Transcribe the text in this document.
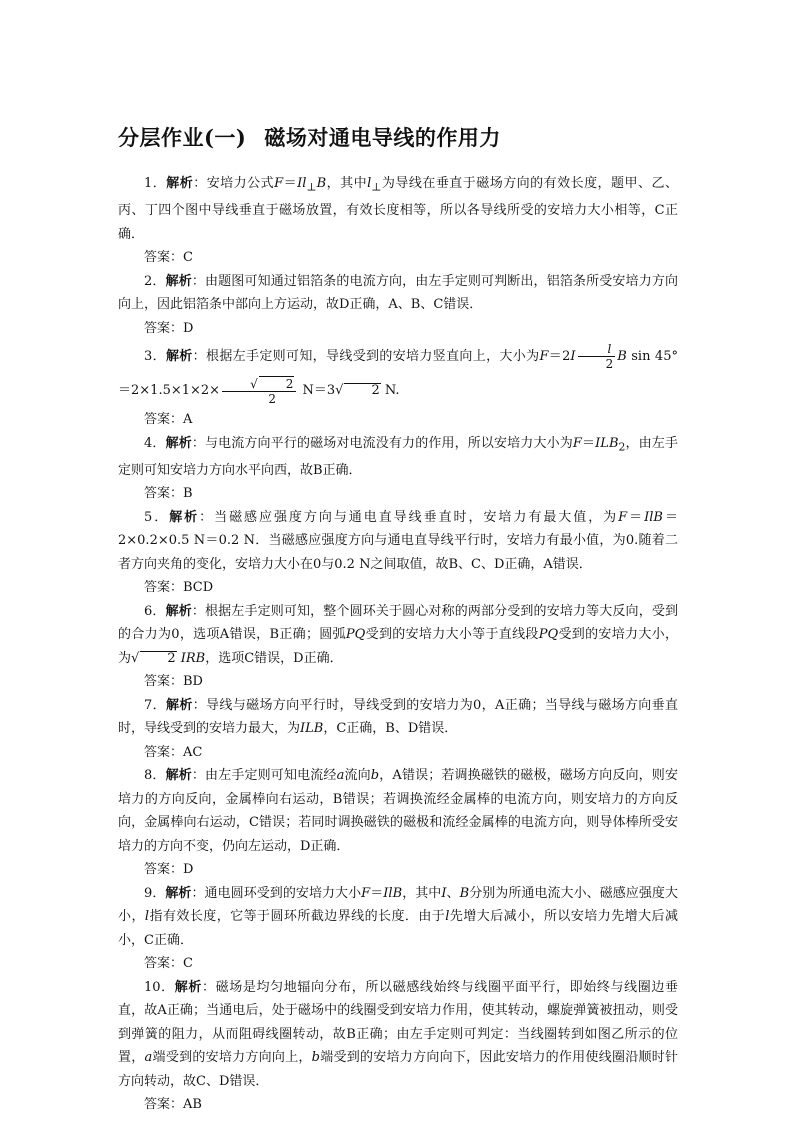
分层作业(一) 磁场对通电导线的作用力

1．解析：安培力公式$F=Il_\perp B$，其中$l_\perp$为导线在垂直于磁场方向的有效长度，题甲、乙、丙、丁四个图中导线垂直于磁场放置，有效长度相等，所以各导线所受的安培力大小相等，C正确．

答案：C

2．解析：由题图可知通过铝箔条的电流方向，由左手定则可判断出，铝箔条所受安培力方向向上，因此铝箔条中部向上方运动，故D正确，A、B、C错误．

答案：D

3．解析：根据左手定则可知，导线受到的安培力竖直向上，大小为$F=2I \frac{l}{2}$ B $\sin 45^\circ=2\times 1.5\times 1\times 2\times \frac{√ 2}{2} N=3√$ 2 N.

答案：A

4．解析：与电流方向平行的磁场对电流没有力的作用，所以安培力大小为$F=ILB_2$，由左手定则可知安培力方向水平向西，故B正确．

答案：B

5．解析：当磁感应强度方向与通电直导线垂直时，安培力有最大值，为F＝IlB＝2×0.2×0.5 N＝0.2 N．当磁感应强度方向与通电直导线平行时，安培力有最小值，为0.随着二者方向夹角的变化，安培力大小在0与0.2 N之间取值，故B、C、D正确，A错误．

答案：BCD

6．解析：根据左手定则可知，整个圆环关于圆心对称的两部分受到的安培力等大反向，受到的合力为0，选项A错误，B正确；圆弧PQ受到的安培力大小等于直线段PQ受到的安培力大小，为√ 2 IRB，选项C错误，D正确．

答案：BD

7．解析：导线与磁场方向平行时，导线受到的安培力为0，A正确；当导线与磁场方向垂直时，导线受到的安培力最大，为ILB，C正确，B、D错误．

答案：AC

8．解析：由左手定则可知电流经a流向b，A错误；若调换磁铁的磁极，磁场方向反向，则安培力的方向反向，金属棒向右运动，B错误；若调换流经金属棒的电流方向，则安培力的方向反向，金属棒向右运动，C错误；若同时调换磁铁的磁极和流经金属棒的电流方向，则导体棒所受安培力的方向不变，仍向左运动，D正确．

答案：D

9．解析：通电圆环受到的安培力大小F＝IlB，其中I、B分别为所通电流大小、磁感应强度大小，l指有效长度，它等于圆环所截边界线的长度．由于l先增大后减小，所以安培力先增大后减小，C正确．

答案：C

10．解析：磁场是均匀地辐向分布，所以磁感线始终与线圈平面平行，即始终与线圈边垂直，故A正确；当通电后，处于磁场中的线圈受到安培力作用，使其转动，螺旋弹簧被扭动，则受到弹簧的阻力，从而阻碍线圈转动，故B正确；由左手定则可判定：当线圈转到如图乙所示的位置，a端受到的安培力方向向上，b端受到的安培力方向向下，因此安培力的作用使线圈沿顺时针方向转动，故C、D错误．

答案：AB
